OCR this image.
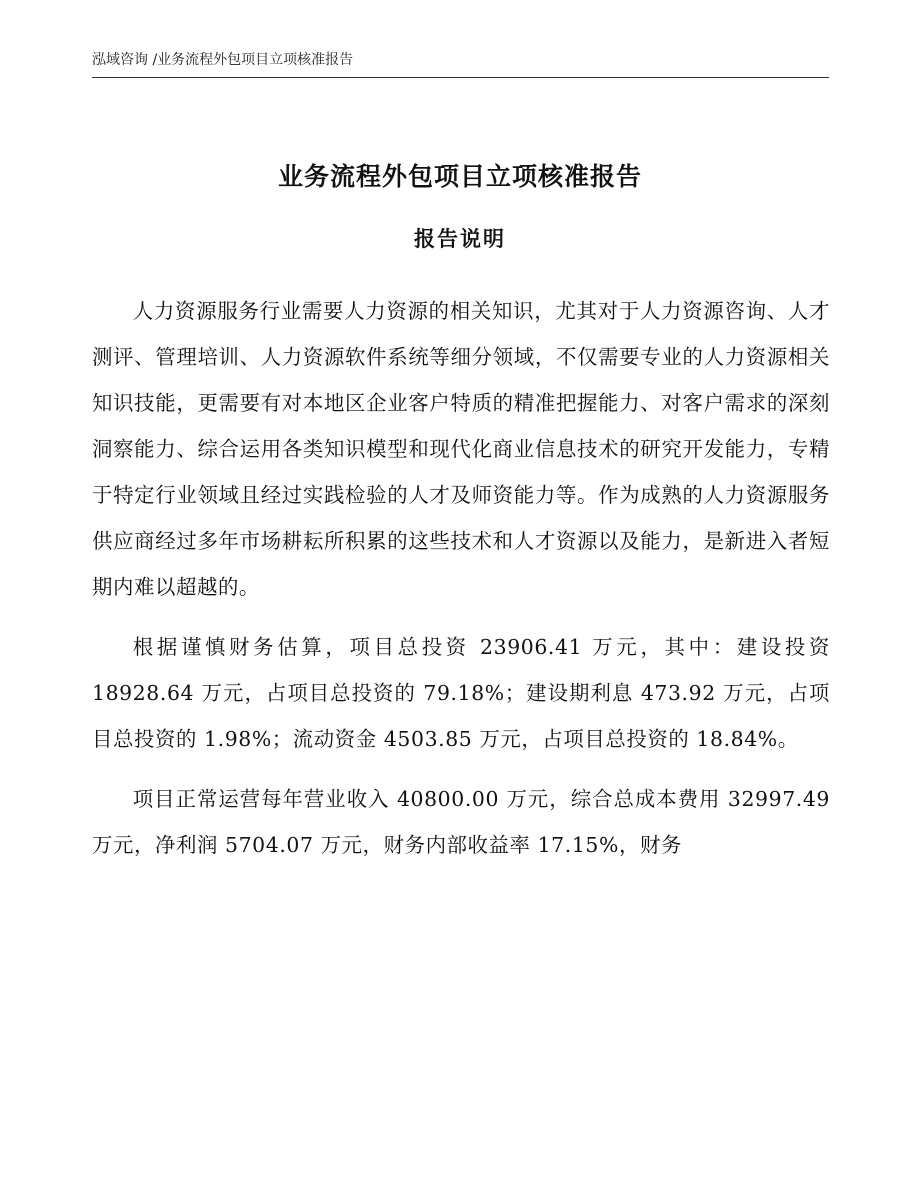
泓域咨询 /业务流程外包项目立项核准报告
业务流程外包项目立项核准报告
报告说明

人力资源服务行业需要人力资源的相关知识，尤其对于人力资源咨询、人才测评、管理培训、人力资源软件系统等细分领域，不仅需要专业的人力资源相关知识技能，更需要有对本地区企业客户特质的精准把握能力、对客户需求的深刻洞察能力、综合运用各类知识模型和现代化商业信息技术的研究开发能力，专精于特定行业领域且经过实践检验的人才及师资能力等。作为成熟的人力资源服务供应商经过多年市场耕耘所积累的这些技术和人才资源以及能力，是新进入者短期内难以超越的。

根据谨慎财务估算，项目总投资 23906.41 万元，其中：建设投资 18928.64 万元，占项目总投资的 79.18%；建设期利息 473.92 万元，占项目总投资的 1.98%；流动资金 4503.85 万元，占项目总投资的 18.84%。

项目正常运营每年营业收入 40800.00 万元，综合总成本费用 32997.49 万元，净利润 5704.07 万元，财务内部收益率 17.15%，财务
